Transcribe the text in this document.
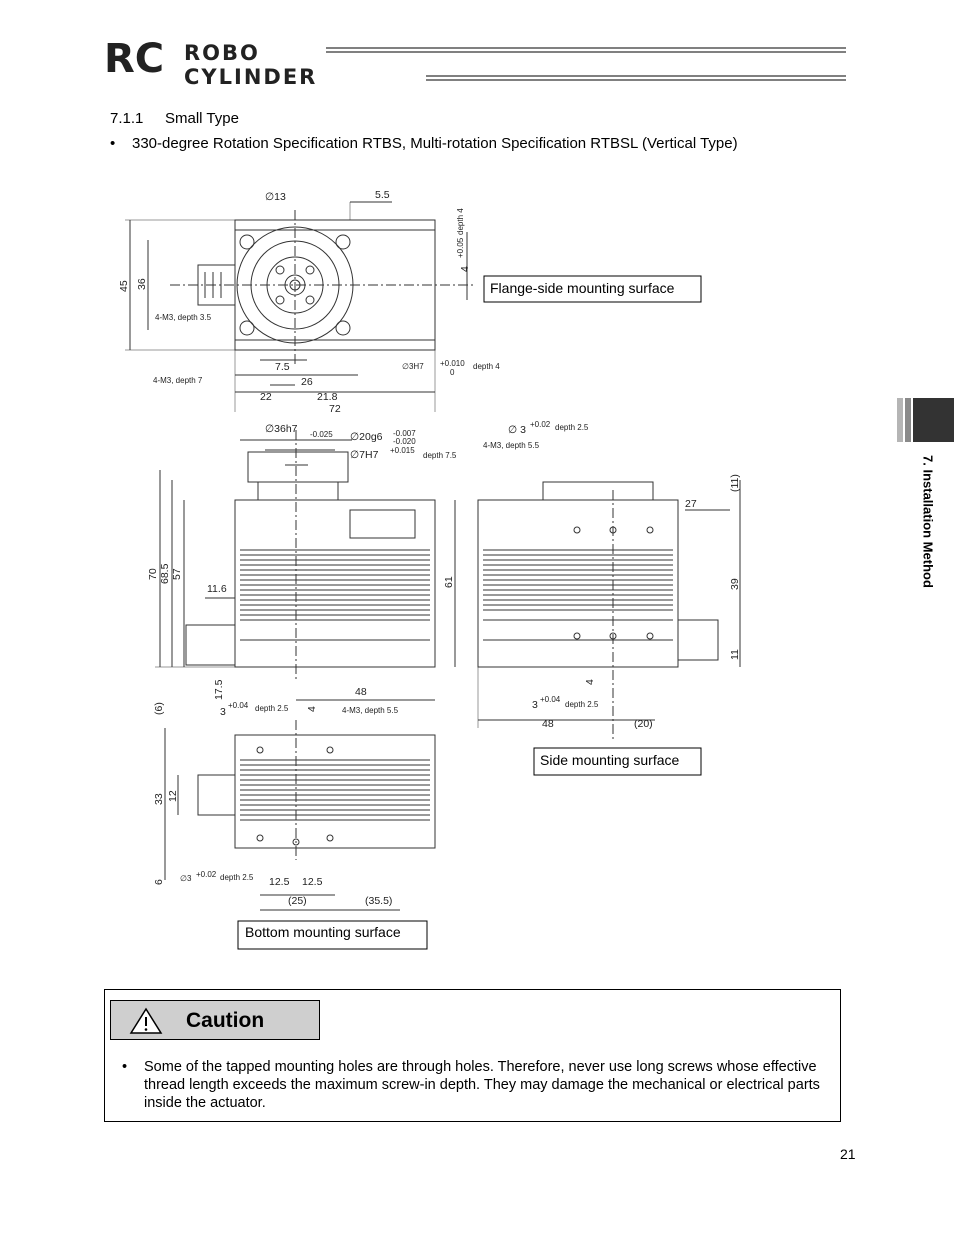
RC ROBO
CYLINDER
7.1.1 Small Type
• 330-degree Rotation Specification RTBS, Multi-rotation Specification RTBSL (Vertical Type)
∅13	5.5
depth 4
+0.05
4
45 36
4-M3, depth 3.5
4-M3, depth 7
∅3H7 +0.010
0
depth 4
7.5
26
22	21.8
72
∅36h7 -0.025 ∅20g6 -0.007
-0.020
∅7H7 +0.015
depth 7.5
70 68.5 57
61
11.6
17.5
∅ 3 +0.02 depth 2.5
4-M3, depth 5.5
(11)
27
39
11
4
3 +0.04
depth 2.5
48	(20)
(6)	3
+0.04 depth 2.5 4
48
4-M3, depth 5.5
33 12
6 ∅3 +0.02 depth 2.5 12.5 12.5
(25)	(35.5)
Flange-side mounting surface
Side mounting surface
Bottom mounting surface
7. Installation Method
Caution
• Some of the tapped mounting holes are through holes. Therefore, never use long screws whose effective thread length exceeds the maximum screw-in depth. They may damage the mechanical or electrical parts inside the actuator.
21
